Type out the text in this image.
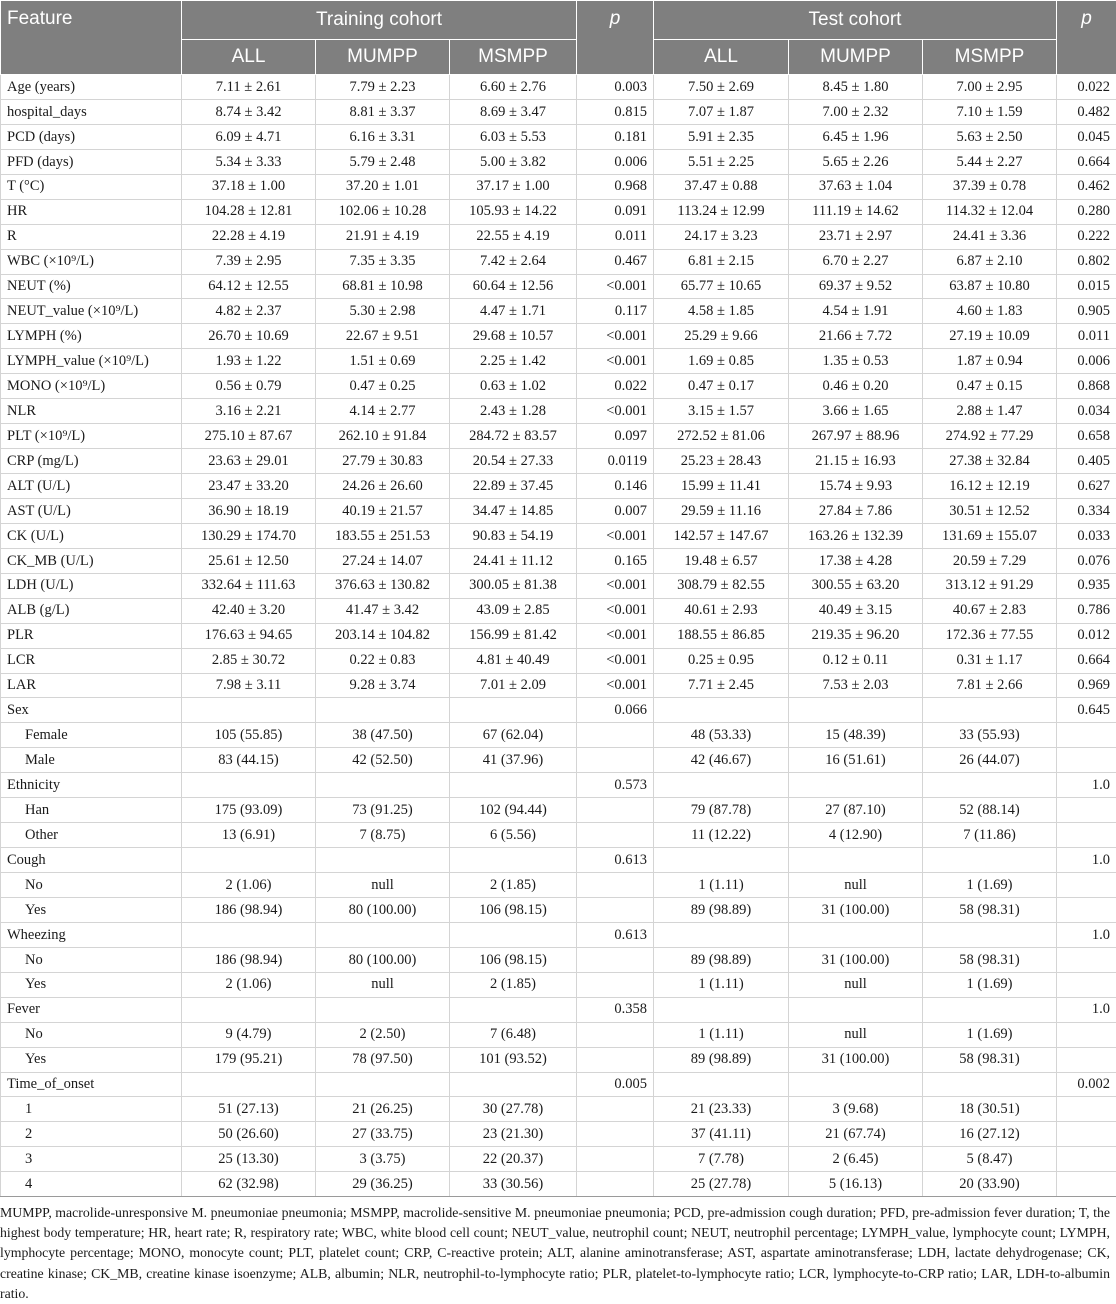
Feature	Training cohort			p	Test cohort			p
	ALL	MUMPP	MSMPP		ALL	MUMPP	MSMPP	
Age (years)	7.11 ± 2.61	7.79 ± 2.23	6.60 ± 2.76	0.003	7.50 ± 2.69	8.45 ± 1.80	7.00 ± 2.95	0.022
hospital_days	8.74 ± 3.42	8.81 ± 3.37	8.69 ± 3.47	0.815	7.07 ± 1.87	7.00 ± 2.32	7.10 ± 1.59	0.482
PCD (days)	6.09 ± 4.71	6.16 ± 3.31	6.03 ± 5.53	0.181	5.91 ± 2.35	6.45 ± 1.96	5.63 ± 2.50	0.045
PFD (days)	5.34 ± 3.33	5.79 ± 2.48	5.00 ± 3.82	0.006	5.51 ± 2.25	5.65 ± 2.26	5.44 ± 2.27	0.664
T (°C)	37.18 ± 1.00	37.20 ± 1.01	37.17 ± 1.00	0.968	37.47 ± 0.88	37.63 ± 1.04	37.39 ± 0.78	0.462
HR	104.28 ± 12.81	102.06 ± 10.28	105.93 ± 14.22	0.091	113.24 ± 12.99	111.19 ± 14.62	114.32 ± 12.04	0.280
R	22.28 ± 4.19	21.91 ± 4.19	22.55 ± 4.19	0.011	24.17 ± 3.23	23.71 ± 2.97	24.41 ± 3.36	0.222
WBC (×10⁹/L)	7.39 ± 2.95	7.35 ± 3.35	7.42 ± 2.64	0.467	6.81 ± 2.15	6.70 ± 2.27	6.87 ± 2.10	0.802
NEUT (%)	64.12 ± 12.55	68.81 ± 10.98	60.64 ± 12.56	<0.001	65.77 ± 10.65	69.37 ± 9.52	63.87 ± 10.80	0.015
NEUT_value (×10⁹/L)	4.82 ± 2.37	5.30 ± 2.98	4.47 ± 1.71	0.117	4.58 ± 1.85	4.54 ± 1.91	4.60 ± 1.83	0.905
LYMPH (%)	26.70 ± 10.69	22.67 ± 9.51	29.68 ± 10.57	<0.001	25.29 ± 9.66	21.66 ± 7.72	27.19 ± 10.09	0.011
LYMPH_value (×10⁹/L)	1.93 ± 1.22	1.51 ± 0.69	2.25 ± 1.42	<0.001	1.69 ± 0.85	1.35 ± 0.53	1.87 ± 0.94	0.006
MONO (×10⁹/L)	0.56 ± 0.79	0.47 ± 0.25	0.63 ± 1.02	0.022	0.47 ± 0.17	0.46 ± 0.20	0.47 ± 0.15	0.868
NLR	3.16 ± 2.21	4.14 ± 2.77	2.43 ± 1.28	<0.001	3.15 ± 1.57	3.66 ± 1.65	2.88 ± 1.47	0.034
PLT (×10⁹/L)	275.10 ± 87.67	262.10 ± 91.84	284.72 ± 83.57	0.097	272.52 ± 81.06	267.97 ± 88.96	274.92 ± 77.29	0.658
CRP (mg/L)	23.63 ± 29.01	27.79 ± 30.83	20.54 ± 27.33	0.0119	25.23 ± 28.43	21.15 ± 16.93	27.38 ± 32.84	0.405
ALT (U/L)	23.47 ± 33.20	24.26 ± 26.60	22.89 ± 37.45	0.146	15.99 ± 11.41	15.74 ± 9.93	16.12 ± 12.19	0.627
AST (U/L)	36.90 ± 18.19	40.19 ± 21.57	34.47 ± 14.85	0.007	29.59 ± 11.16	27.84 ± 7.86	30.51 ± 12.52	0.334
CK (U/L)	130.29 ± 174.70	183.55 ± 251.53	90.83 ± 54.19	<0.001	142.57 ± 147.67	163.26 ± 132.39	131.69 ± 155.07	0.033
CK_MB (U/L)	25.61 ± 12.50	27.24 ± 14.07	24.41 ± 11.12	0.165	19.48 ± 6.57	17.38 ± 4.28	20.59 ± 7.29	0.076
LDH (U/L)	332.64 ± 111.63	376.63 ± 130.82	300.05 ± 81.38	<0.001	308.79 ± 82.55	300.55 ± 63.20	313.12 ± 91.29	0.935
ALB (g/L)	42.40 ± 3.20	41.47 ± 3.42	43.09 ± 2.85	<0.001	40.61 ± 2.93	40.49 ± 3.15	40.67 ± 2.83	0.786
PLR	176.63 ± 94.65	203.14 ± 104.82	156.99 ± 81.42	<0.001	188.55 ± 86.85	219.35 ± 96.20	172.36 ± 77.55	0.012
LCR	2.85 ± 30.72	0.22 ± 0.83	4.81 ± 40.49	<0.001	0.25 ± 0.95	0.12 ± 0.11	0.31 ± 1.17	0.664
LAR	7.98 ± 3.11	9.28 ± 3.74	7.01 ± 2.09	<0.001	7.71 ± 2.45	7.53 ± 2.03	7.81 ± 2.66	0.969
Sex				0.066				0.645
Female	105 (55.85)	38 (47.50)	67 (62.04)		48 (53.33)	15 (48.39)	33 (55.93)	
Male	83 (44.15)	42 (52.50)	41 (37.96)		42 (46.67)	16 (51.61)	26 (44.07)	
Ethnicity				0.573				1.0
Han	175 (93.09)	73 (91.25)	102 (94.44)		79 (87.78)	27 (87.10)	52 (88.14)	
Other	13 (6.91)	7 (8.75)	6 (5.56)		11 (12.22)	4 (12.90)	7 (11.86)	
Cough				0.613				1.0
No	2 (1.06)	null	2 (1.85)		1 (1.11)	null	1 (1.69)	
Yes	186 (98.94)	80 (100.00)	106 (98.15)		89 (98.89)	31 (100.00)	58 (98.31)	
Wheezing				0.613				1.0
No	186 (98.94)	80 (100.00)	106 (98.15)		89 (98.89)	31 (100.00)	58 (98.31)	
Yes	2 (1.06)	null	2 (1.85)		1 (1.11)	null	1 (1.69)	
Fever				0.358				1.0
No	9 (4.79)	2 (2.50)	7 (6.48)		1 (1.11)	null	1 (1.69)	
Yes	179 (95.21)	78 (97.50)	101 (93.52)		89 (98.89)	31 (100.00)	58 (98.31)	
Time_of_onset				0.005				0.002
1	51 (27.13)	21 (26.25)	30 (27.78)		21 (23.33)	3 (9.68)	18 (30.51)	
2	50 (26.60)	27 (33.75)	23 (21.30)		37 (41.11)	21 (67.74)	16 (27.12)	
3	25 (13.30)	3 (3.75)	22 (20.37)		7 (7.78)	2 (6.45)	5 (8.47)	
4	62 (32.98)	29 (36.25)	33 (30.56)		25 (27.78)	5 (16.13)	20 (33.90)	
MUMPP, macrolide-unresponsive M. pneumoniae pneumonia; MSMPP, macrolide-sensitive M. pneumoniae pneumonia; PCD, pre-admission cough duration; PFD, pre-admission fever duration; T, the highest body temperature; HR, heart rate; R, respiratory rate; WBC, white blood cell count; NEUT_value, neutrophil count; NEUT, neutrophil percentage; LYMPH_value, lymphocyte count; LYMPH, lymphocyte percentage; MONO, monocyte count; PLT, platelet count; CRP, C-reactive protein; ALT, alanine aminotransferase; AST, aspartate aminotransferase; LDH, lactate dehydrogenase; CK, creatine kinase; CK_MB, creatine kinase isoenzyme; ALB, albumin; NLR, neutrophil-to-lymphocyte ratio; PLR, platelet-to-lymphocyte ratio; LCR, lymphocyte-to-CRP ratio; LAR, LDH-to-albumin ratio.
